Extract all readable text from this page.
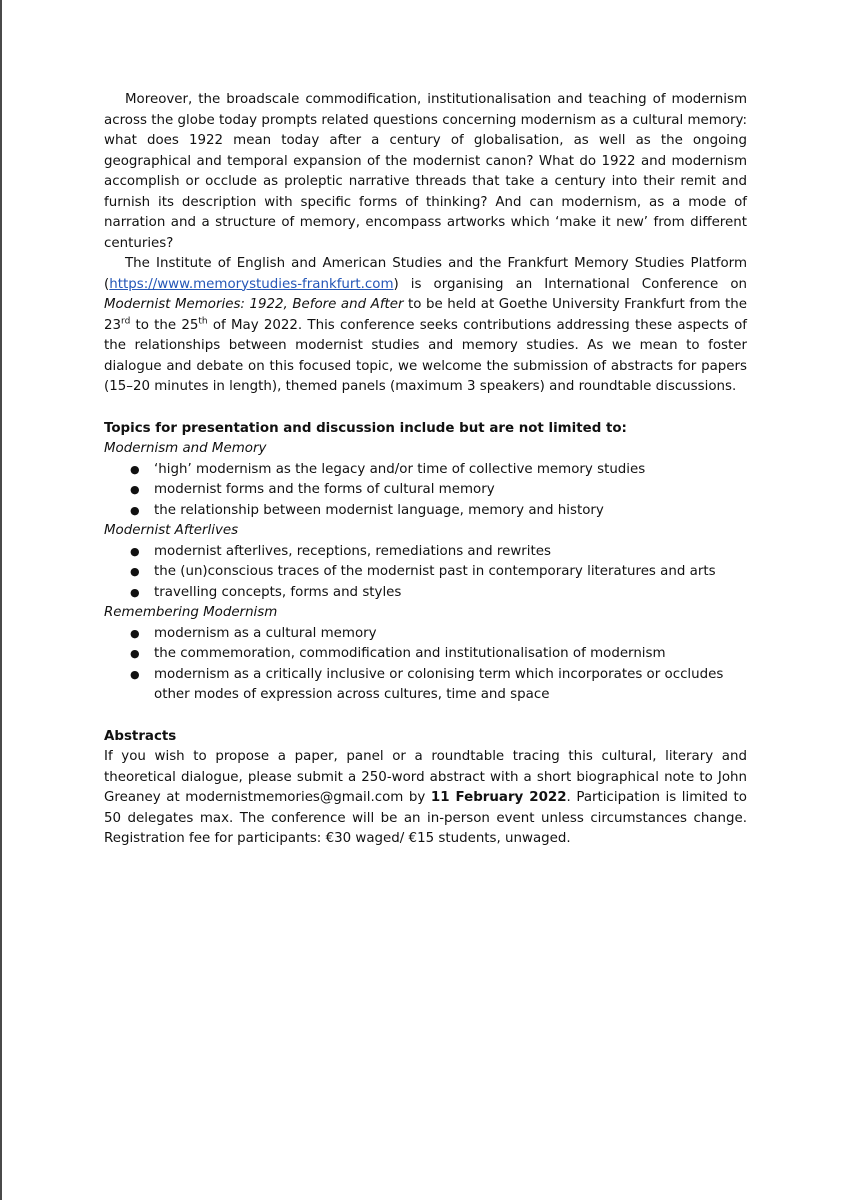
Moreover, the broadscale commodification, institutionalisation and teaching of modernism across the globe today prompts related questions concerning modernism as a cultural memory: what does 1922 mean today after a century of globalisation, as well as the ongoing geographical and temporal expansion of the modernist canon? What do 1922 and modernism accomplish or occlude as proleptic narrative threads that take a century into their remit and furnish its description with specific forms of thinking? And can modernism, as a mode of narration and a structure of memory, encompass artworks which ‘make it new’ from different centuries?

The Institute of English and American Studies and the Frankfurt Memory Studies Platform (https://www.memorystudies-frankfurt.com) is organising an International Conference on Modernist Memories: 1922, Before and After to be held at Goethe University Frankfurt from the 23rd to the 25th of May 2022. This conference seeks contributions addressing these aspects of the relationships between modernist studies and memory studies. As we mean to foster dialogue and debate on this focused topic, we welcome the submission of abstracts for papers (15–20 minutes in length), themed panels (maximum 3 speakers) and roundtable discussions.

Topics for presentation and discussion include but are not limited to:

Modernism and Memory

● ‘high’ modernism as the legacy and/or time of collective memory studies
● modernist forms and the forms of cultural memory
● the relationship between modernist language, memory and history

Modernist Afterlives

● modernist afterlives, receptions, remediations and rewrites
● the (un)conscious traces of the modernist past in contemporary literatures and arts
● travelling concepts, forms and styles

Remembering Modernism

● modernism as a cultural memory
● the commemoration, commodification and institutionalisation of modernism
● modernism as a critically inclusive or colonising term which incorporates or occludes other modes of expression across cultures, time and space

Abstracts

If you wish to propose a paper, panel or a roundtable tracing this cultural, literary and theoretical dialogue, please submit a 250-word abstract with a short biographical note to John Greaney at modernistmemories@gmail.com by 11 February 2022. Participation is limited to 50 delegates max. The conference will be an in-person event unless circumstances change. Registration fee for participants: €30 waged/ €15 students, unwaged.
